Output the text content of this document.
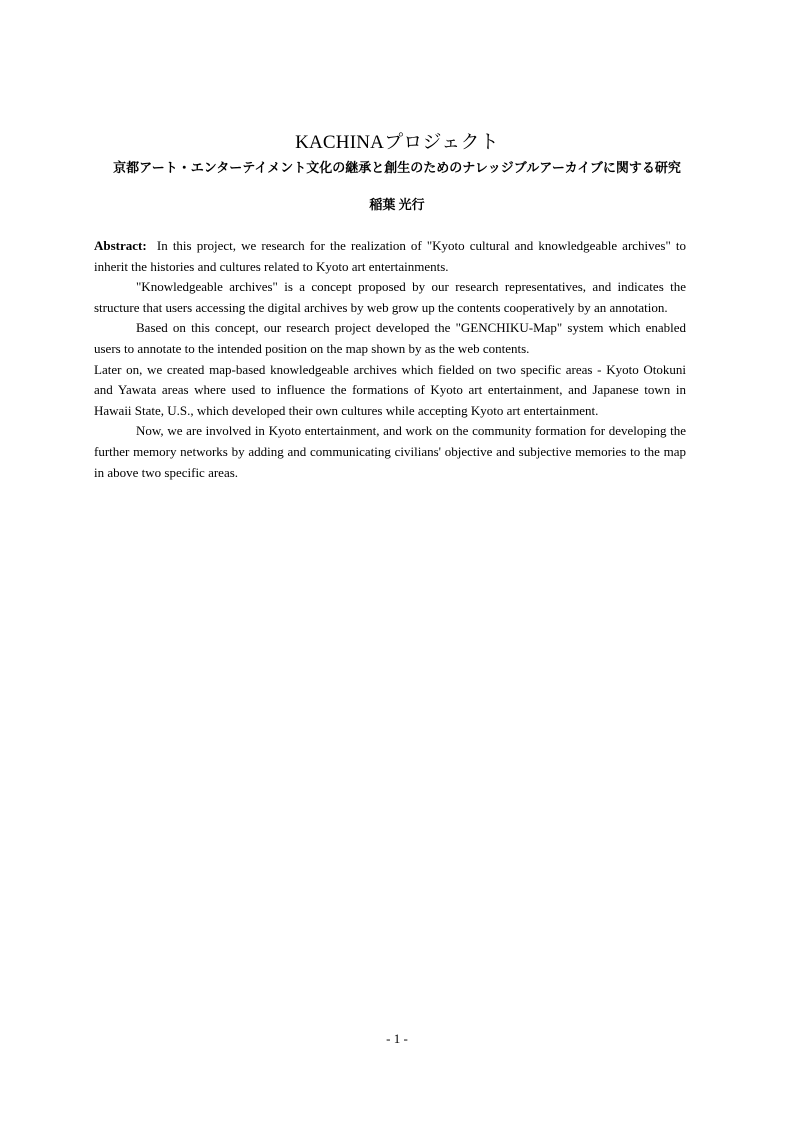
KACHINAプロジェクト
京都アート・エンターテイメント文化の継承と創生のためのナレッジブルアーカイブに関する研究
稲葉 光行

Abstract: In this project, we research for the realization of "Kyoto cultural and knowledgeable archives" to inherit the histories and cultures related to Kyoto art entertainments.

"Knowledgeable archives" is a concept proposed by our research representatives, and indicates the structure that users accessing the digital archives by web grow up the contents cooperatively by an annotation.

Based on this concept, our research project developed the "GENCHIKU-Map" system which enabled users to annotate to the intended position on the map shown by as the web contents.

Later on, we created map-based knowledgeable archives which fielded on two specific areas - Kyoto Otokuni and Yawata areas where used to influence the formations of Kyoto art entertainment, and Japanese town in Hawaii State, U.S., which developed their own cultures while accepting Kyoto art entertainment.

Now, we are involved in Kyoto entertainment, and work on the community formation for developing the further memory networks by adding and communicating civilians' objective and subjective memories to the map in above two specific areas.

- 1 -
